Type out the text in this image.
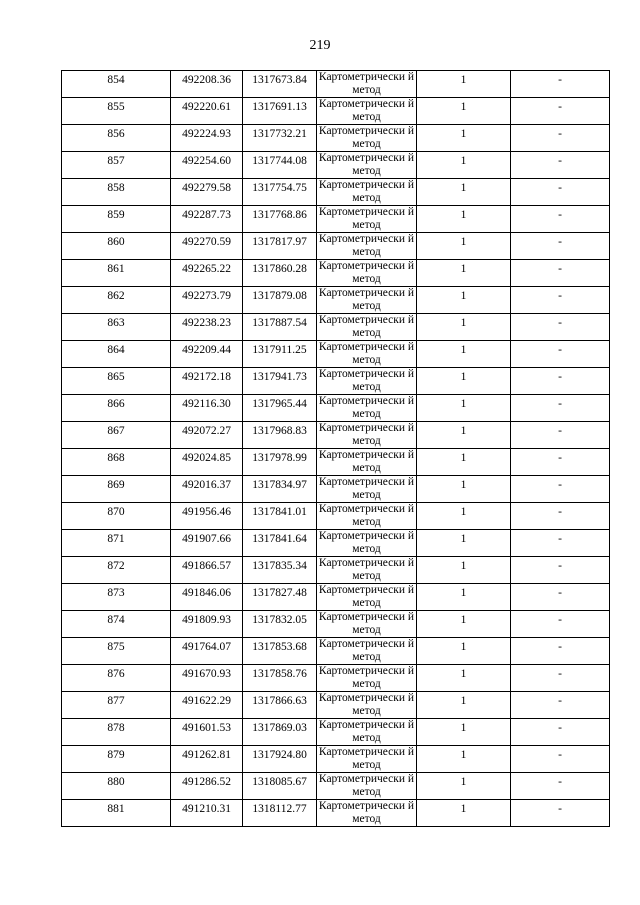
219
854	492208.36	1317673.84	Картометрически й метод	1	-

855	492220.61	1317691.13	Картометрически й метод	1	-

856	492224.93	1317732.21	Картометрически й метод	1	-

857	492254.60	1317744.08	Картометрически й метод	1	-

858	492279.58	1317754.75	Картометрически й метод	1	-

859	492287.73	1317768.86	Картометрически й метод	1	-

860	492270.59	1317817.97	Картометрически й метод	1	-

861	492265.22	1317860.28	Картометрически й метод	1	-

862	492273.79	1317879.08	Картометрически й метод	1	-

863	492238.23	1317887.54	Картометрически й метод	1	-

864	492209.44	1317911.25	Картометрически й метод	1	-

865	492172.18	1317941.73	Картометрически й метод	1	-

866	492116.30	1317965.44	Картометрически й метод	1	-

867	492072.27	1317968.83	Картометрически й метод	1	-

868	492024.85	1317978.99	Картометрически й метод	1	-

869	492016.37	1317834.97	Картометрически й метод	1	-

870	491956.46	1317841.01	Картометрически й метод	1	-

871	491907.66	1317841.64	Картометрически й метод	1	-

872	491866.57	1317835.34	Картометрически й метод	1	-

873	491846.06	1317827.48	Картометрически й метод	1	-

874	491809.93	1317832.05	Картометрически й метод	1	-

875	491764.07	1317853.68	Картометрически й метод	1	-

876	491670.93	1317858.76	Картометрически й метод	1	-

877	491622.29	1317866.63	Картометрически й метод	1	-

878	491601.53	1317869.03	Картометрически й метод	1	-

879	491262.81	1317924.80	Картометрически й метод	1	-

880	491286.52	1318085.67	Картометрически й метод	1	-

881	491210.31	1318112.77	Картометрически й метод	1	-
